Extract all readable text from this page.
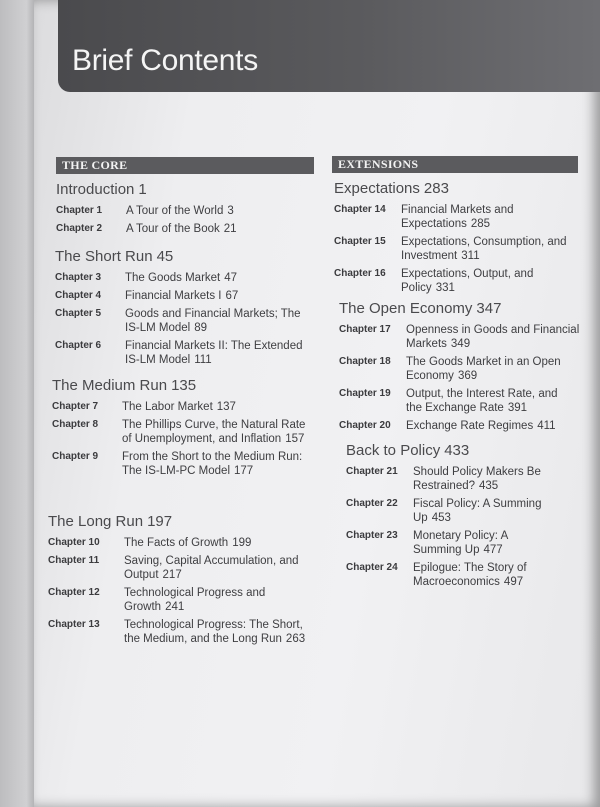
Brief Contents
THE CORE	EXTENSIONS
Introduction 1
Chapter 1	A Tour of the World 3
Chapter 2	A Tour of the Book 21
The Short Run 45
Chapter 3	The Goods Market 47
Chapter 4	Financial Markets I 67
Chapter 5	Goods and Financial Markets; The IS-LM Model 89
Chapter 6	Financial Markets II: The Extended IS-LM Model 111
The Medium Run 135
Chapter 7	The Labor Market 137
Chapter 8	The Phillips Curve, the Natural Rate of Unemployment, and Inflation 157
Chapter 9	From the Short to the Medium Run: The IS-LM-PC Model 177
The Long Run 197
Chapter 10	The Facts of Growth 199
Chapter 11	Saving, Capital Accumulation, and Output 217
Chapter 12	Technological Progress and Growth 241
Chapter 13	Technological Progress: The Short, the Medium, and the Long Run 263
Expectations 283
Chapter 14	Financial Markets and Expectations 285
Chapter 15	Expectations, Consumption, and Investment 311
Chapter 16	Expectations, Output, and Policy 331
The Open Economy 347
Chapter 17	Openness in Goods and Financial Markets 349
Chapter 18	The Goods Market in an Open Economy 369
Chapter 19	Output, the Interest Rate, and the Exchange Rate 391
Chapter 20	Exchange Rate Regimes 411
Back to Policy 433
Chapter 21	Should Policy Makers Be Restrained? 435
Chapter 22	Fiscal Policy: A Summing Up 453
Chapter 23	Monetary Policy: A Summing Up 477
Chapter 24	Epilogue: The Story of Macroeconomics 497
